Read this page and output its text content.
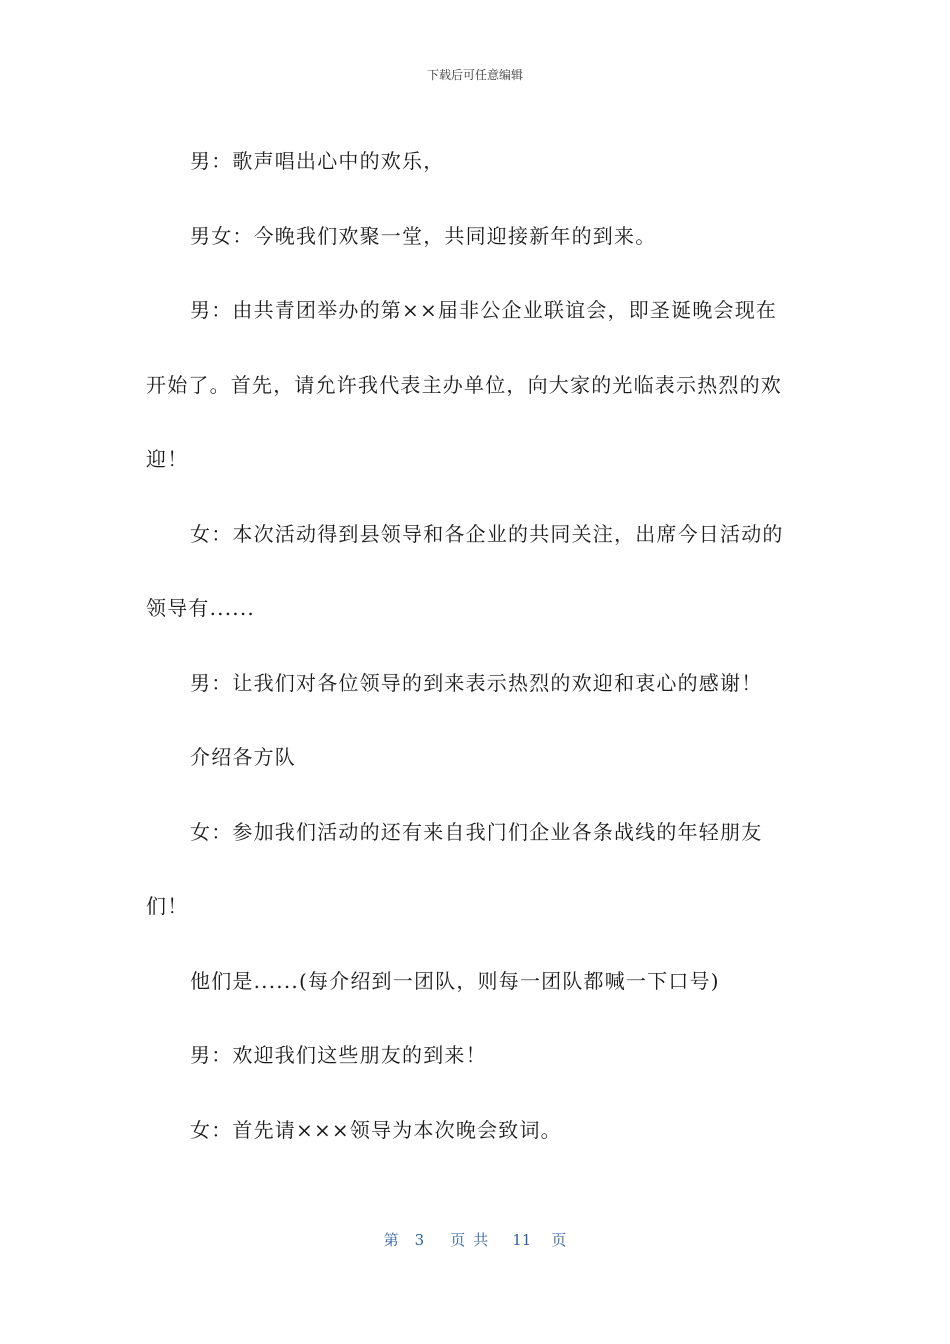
下载后可任意编辑

男：歌声唱出心中的欢乐，

男女：今晚我们欢聚一堂，共同迎接新年的到来。

男：由共青团举办的第××届非公企业联谊会，即圣诞晚会现在开始了。首先，请允许我代表主办单位，向大家的光临表示热烈的欢迎！

女：本次活动得到县领导和各企业的共同关注，出席今日活动的领导有......

男：让我们对各位领导的到来表示热烈的欢迎和衷心的感谢！

介绍各方队

女：参加我们活动的还有来自我门们企业各条战线的年轻朋友们！

他们是......(每介绍到一团队，则每一团队都喊一下口号)

男：欢迎我们这些朋友的到来！

女：首先请×××领导为本次晚会致词。

第 3 页共 11 页
